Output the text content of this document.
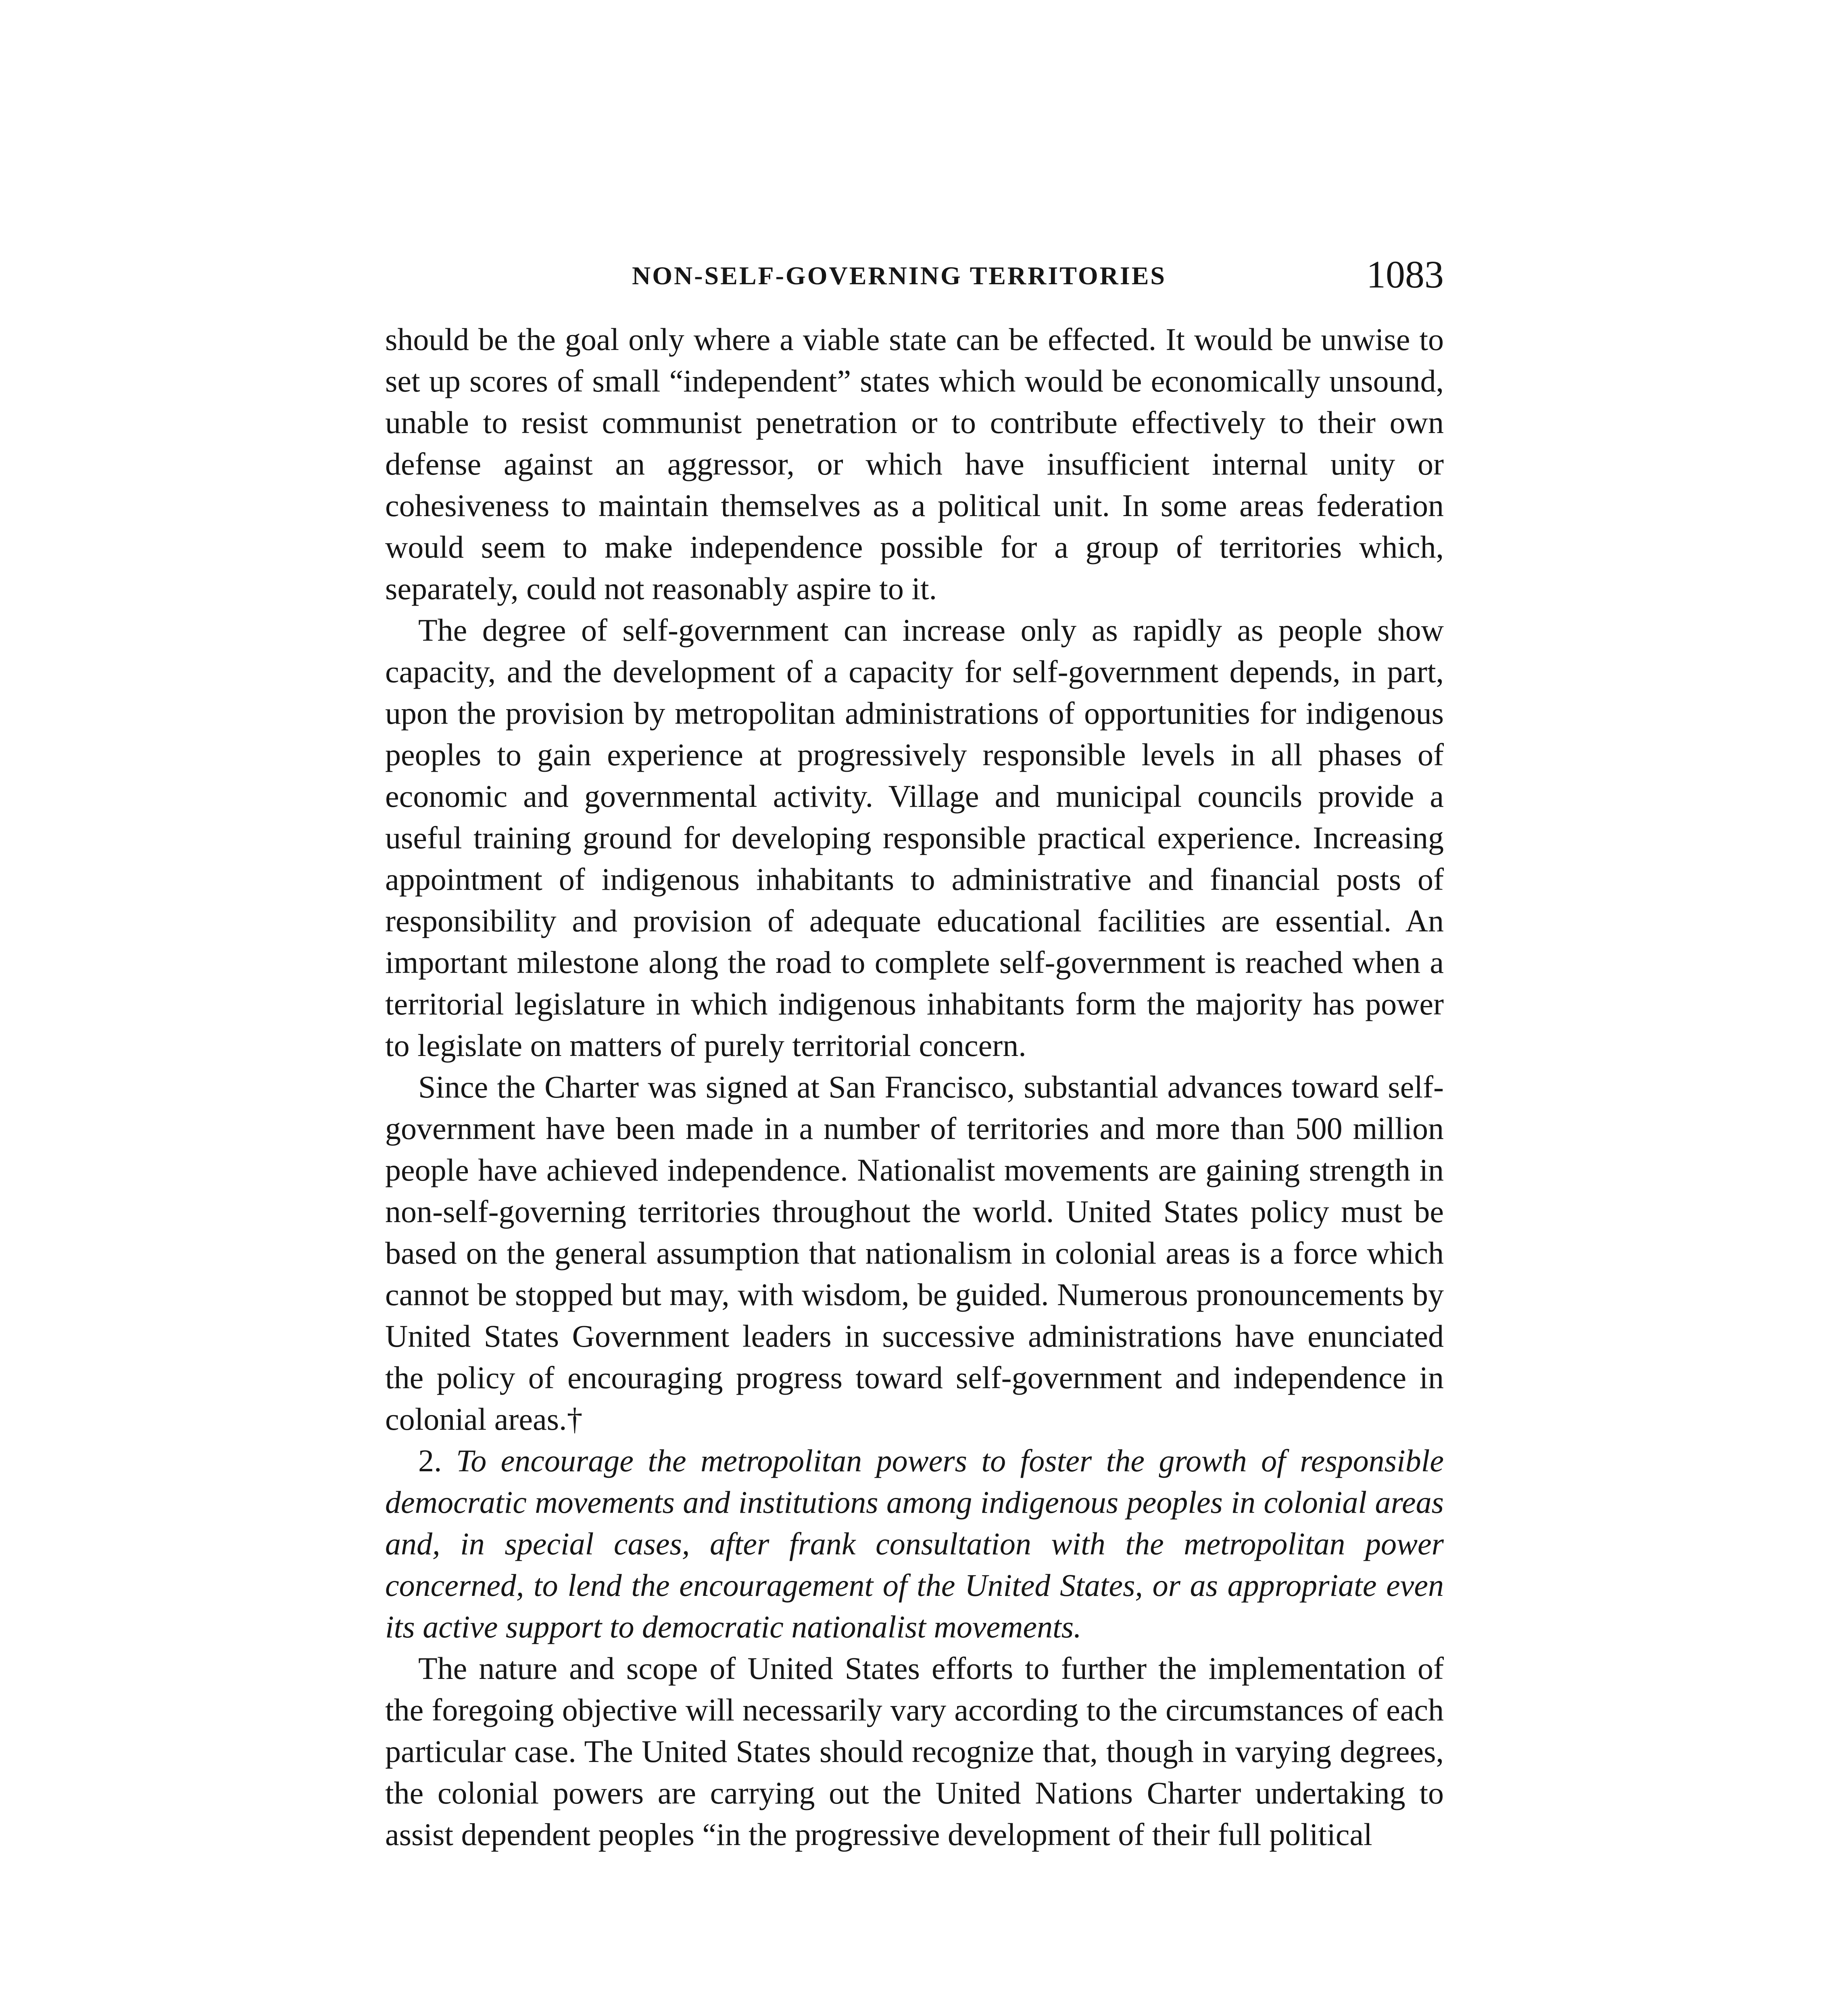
NON-SELF-GOVERNING TERRITORIES	1083

should be the goal only where a viable state can be effected. It would be unwise to set up scores of small “independent” states which would be economically unsound, unable to resist communist penetration or to contribute effectively to their own defense against an aggressor, or which have insufficient internal unity or cohesiveness to maintain themselves as a political unit. In some areas federation would seem to make independence possible for a group of territories which, separately, could not reasonably aspire to it.

The degree of self-government can increase only as rapidly as people show capacity, and the development of a capacity for self-government depends, in part, upon the provision by metropolitan administrations of opportunities for indigenous peoples to gain experience at progressively responsible levels in all phases of economic and governmental activity. Village and municipal councils provide a useful training ground for developing responsible practical experience. Increasing appointment of indigenous inhabitants to administrative and financial posts of responsibility and provision of adequate educational facilities are essential. An important milestone along the road to complete self-government is reached when a territorial legislature in which indigenous inhabitants form the majority has power to legislate on matters of purely territorial concern.

Since the Charter was signed at San Francisco, substantial advances toward self-government have been made in a number of territories and more than 500 million people have achieved independence. Nationalist movements are gaining strength in non-self-governing territories throughout the world. United States policy must be based on the general assumption that nationalism in colonial areas is a force which cannot be stopped but may, with wisdom, be guided. Numerous pronouncements by United States Government leaders in successive administrations have enunciated the policy of encouraging progress toward self-government and independence in colonial areas.†

2. To encourage the metropolitan powers to foster the growth of responsible democratic movements and institutions among indigenous peoples in colonial areas and, in special cases, after frank consultation with the metropolitan power concerned, to lend the encouragement of the United States, or as appropriate even its active support to democratic nationalist movements.

The nature and scope of United States efforts to further the implementation of the foregoing objective will necessarily vary according to the circumstances of each particular case. The United States should recognize that, though in varying degrees, the colonial powers are carrying out the United Nations Charter undertaking to assist dependent peoples “in the progressive development of their full political
